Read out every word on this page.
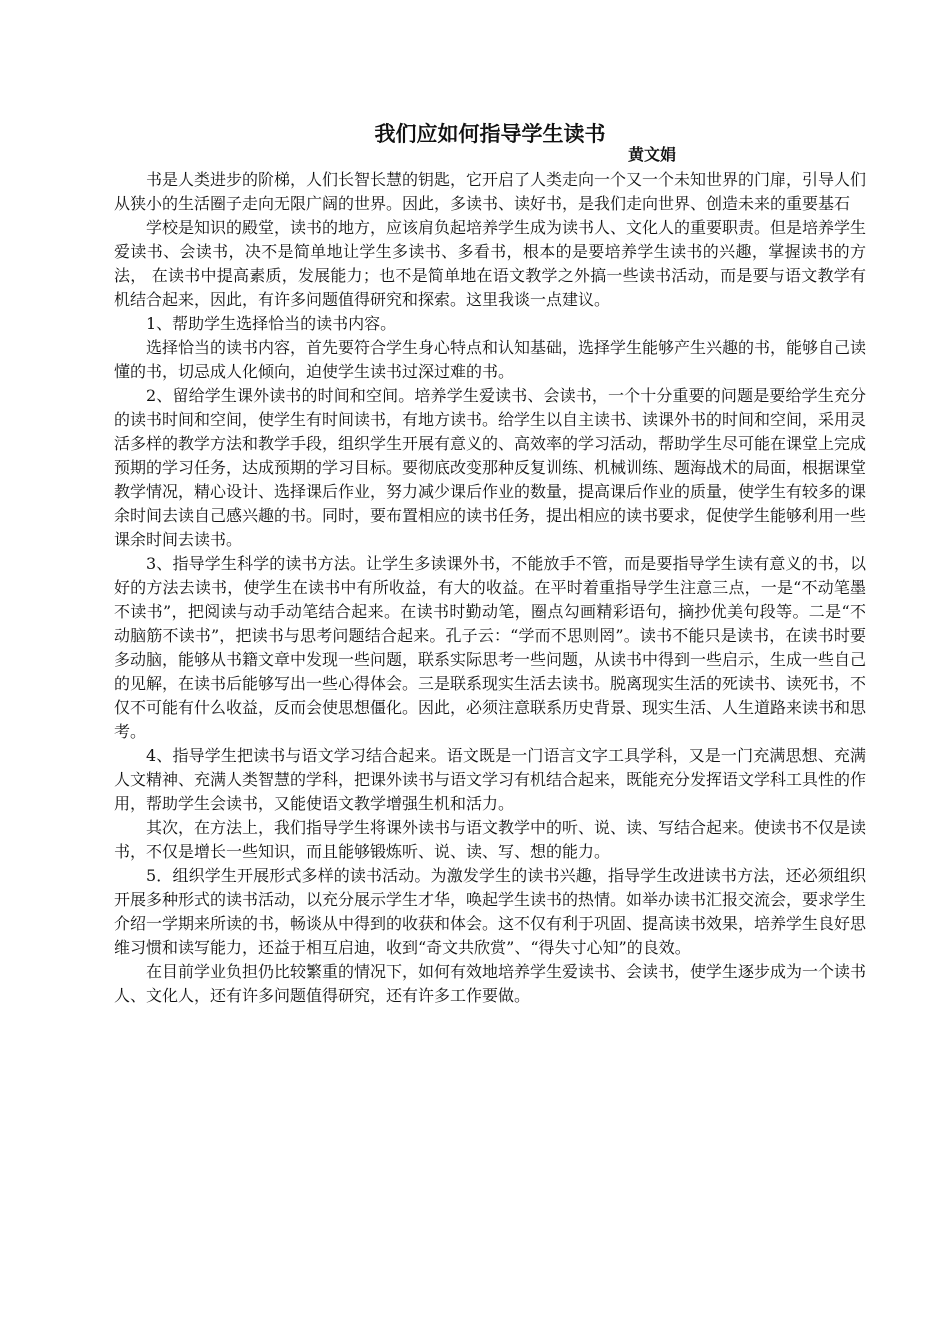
我们应如何指导学生读书
黄文娟

书是人类进步的阶梯，人们长智长慧的钥匙，它开启了人类走向一个又一个未知世界的门扉，引导人们从狭小的生活圈子走向无限广阔的世界。因此，多读书、读好书，是我们走向世界、创造未来的重要基石

学校是知识的殿堂，读书的地方，应该肩负起培养学生成为读书人、文化人的重要职责。但是培养学生爱读书、会读书，决不是简单地让学生多读书、多看书，根本的是要培养学生读书的兴趣，掌握读书的方法， 在读书中提高素质，发展能力；也不是简单地在语文教学之外搞一些读书活动，而是要与语文教学有机结合起来，因此，有许多问题值得研究和探索。这里我谈一点建议。

1、帮助学生选择恰当的读书内容。

选择恰当的读书内容，首先要符合学生身心特点和认知基础，选择学生能够产生兴趣的书，能够自己读懂的书，切忌成人化倾向，迫使学生读书过深过难的书。

2、留给学生课外读书的时间和空间。培养学生爱读书、会读书，一个十分重要的问题是要给学生充分的读书时间和空间，使学生有时间读书，有地方读书。给学生以自主读书、读课外书的时间和空间，采用灵活多样的教学方法和教学手段，组织学生开展有意义的、高效率的学习活动，帮助学生尽可能在课堂上完成预期的学习任务，达成预期的学习目标。要彻底改变那种反复训练、机械训练、题海战术的局面，根据课堂教学情况，精心设计、选择课后作业，努力减少课后作业的数量，提高课后作业的质量，使学生有较多的课余时间去读自己感兴趣的书。同时，要布置相应的读书任务，提出相应的读书要求，促使学生能够利用一些课余时间去读书。

3、指导学生科学的读书方法。让学生多读课外书，不能放手不管，而是要指导学生读有意义的书，以好的方法去读书，使学生在读书中有所收益，有大的收益。在平时着重指导学生注意三点，一是“不动笔墨不读书”，把阅读与动手动笔结合起来。在读书时勤动笔，圈点勾画精彩语句，摘抄优美句段等。二是“不动脑筋不读书”，把读书与思考问题结合起来。孔子云：“学而不思则罔”。读书不能只是读书，在读书时要多动脑，能够从书籍文章中发现一些问题，联系实际思考一些问题，从读书中得到一些启示，生成一些自己的见解，在读书后能够写出一些心得体会。三是联系现实生活去读书。脱离现实生活的死读书、读死书，不仅不可能有什么收益，反而会使思想僵化。因此，必须注意联系历史背景、现实生活、人生道路来读书和思考。

4、指导学生把读书与语文学习结合起来。语文既是一门语言文字工具学科，又是一门充满思想、充满人文精神、充满人类智慧的学科，把课外读书与语文学习有机结合起来，既能充分发挥语文学科工具性的作用，帮助学生会读书，又能使语文教学增强生机和活力。

其次，在方法上，我们指导学生将课外读书与语文教学中的听、说、读、写结合起来。使读书不仅是读书，不仅是增长一些知识，而且能够锻炼听、说、读、写、想的能力。

5．组织学生开展形式多样的读书活动。为激发学生的读书兴趣，指导学生改进读书方法，还必须组织开展多种形式的读书活动，以充分展示学生才华，唤起学生读书的热情。如举办读书汇报交流会，要求学生介绍一学期来所读的书，畅谈从中得到的收获和体会。这不仅有利于巩固、提高读书效果，培养学生良好思维习惯和读写能力，还益于相互启迪，收到“奇文共欣赏”、“得失寸心知”的良效。

在目前学业负担仍比较繁重的情况下，如何有效地培养学生爱读书、会读书，使学生逐步成为一个读书人、文化人，还有许多问题值得研究，还有许多工作要做。
